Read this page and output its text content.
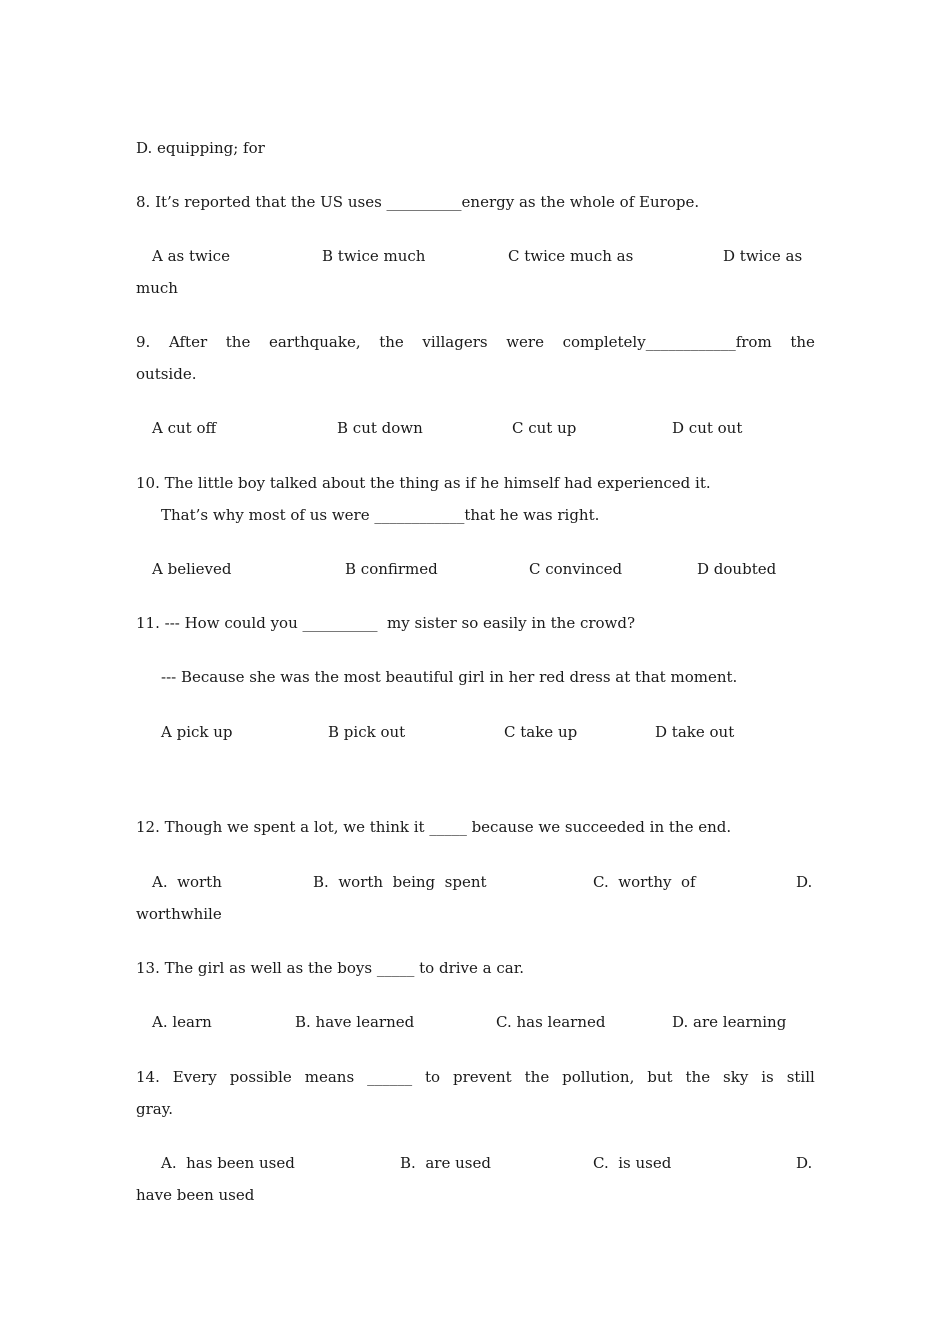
D. equipping; for
8. It’s reported that the US uses __________energy as the whole of Europe.
A as twice	B twice much	C twice much as	D twice as
much
9. After the earthquake, the villagers were completely____________from the
outside.
A cut off	B cut down	C cut up	D cut out
10. The little boy talked about the thing as if he himself had experienced it.
That’s why most of us were ____________that he was right.
A believed	B confirmed	C convinced	D doubted
11. --- How could you __________  my sister so easily in the crowd?
--- Because she was the most beautiful girl in her red dress at that moment.
A pick up	B pick out	C take up	D take out
12. Though we spent a lot, we think it _____ because we succeeded in the end.
A.  worth	B.  worth  being  spent	C.  worthy  of	D.
worthwhile
13. The girl as well as the boys _____ to drive a car.
A. learn	B. have learned	C. has learned	D. are learning
14. Every possible means ______ to prevent the pollution, but the sky is still
gray.
A.  has been used	B.  are used	C.  is used	D.
have been used
